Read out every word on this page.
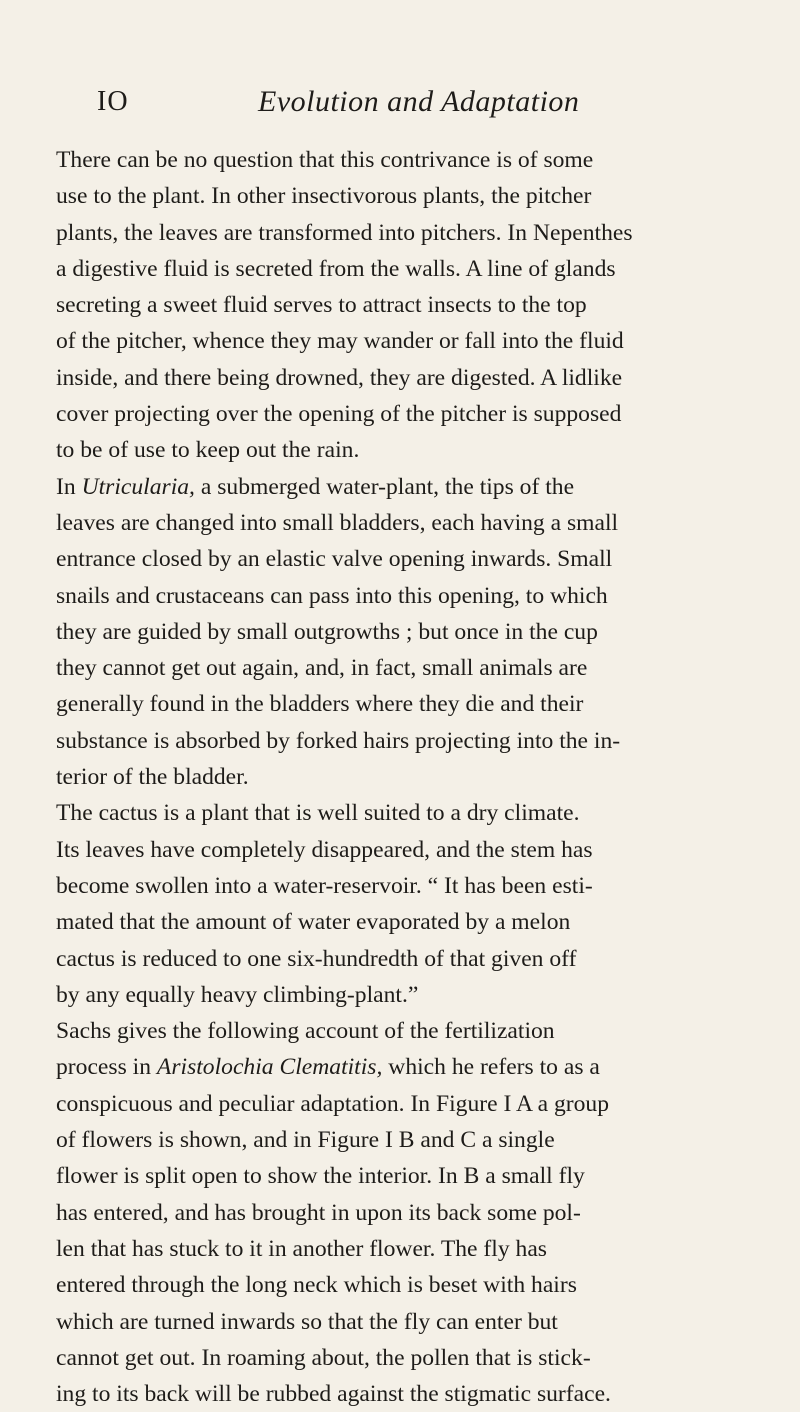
IO	Evolution and Adaptation

There can be no question that this contrivance is of some
use to the plant. In other insectivorous plants, the pitcher
plants, the leaves are transformed into pitchers. In Nepenthes
a digestive fluid is secreted from the walls. A line of glands
secreting a sweet fluid serves to attract insects to the top
of the pitcher, whence they may wander or fall into the fluid
inside, and there being drowned, they are digested. A lidlike
cover projecting over the opening of the pitcher is supposed
to be of use to keep out the rain.

In Utricularia, a submerged water-plant, the tips of the
leaves are changed into small bladders, each having a small
entrance closed by an elastic valve opening inwards. Small
snails and crustaceans can pass into this opening, to which
they are guided by small outgrowths ; but once in the cup
they cannot get out again, and, in fact, small animals are
generally found in the bladders where they die and their
substance is absorbed by forked hairs projecting into the in-
terior of the bladder.

The cactus is a plant that is well suited to a dry climate.
Its leaves have completely disappeared, and the stem has
become swollen into a water-reservoir. “ It has been esti-
mated that the amount of water evaporated by a melon
cactus is reduced to one six-hundredth of that given off
by any equally heavy climbing-plant.”

Sachs gives the following account of the fertilization
process in Aristolochia Clematitis, which he refers to as a
conspicuous and peculiar adaptation. In Figure I A a group
of flowers is shown, and in Figure I B and C a single
flower is split open to show the interior. In B a small fly
has entered, and has brought in upon its back some pol-
len that has stuck to it in another flower. The fly has
entered through the long neck which is beset with hairs
which are turned inwards so that the fly can enter but
cannot get out. In roaming about, the pollen that is stick-
ing to its back will be rubbed against the stigmatic surface.
